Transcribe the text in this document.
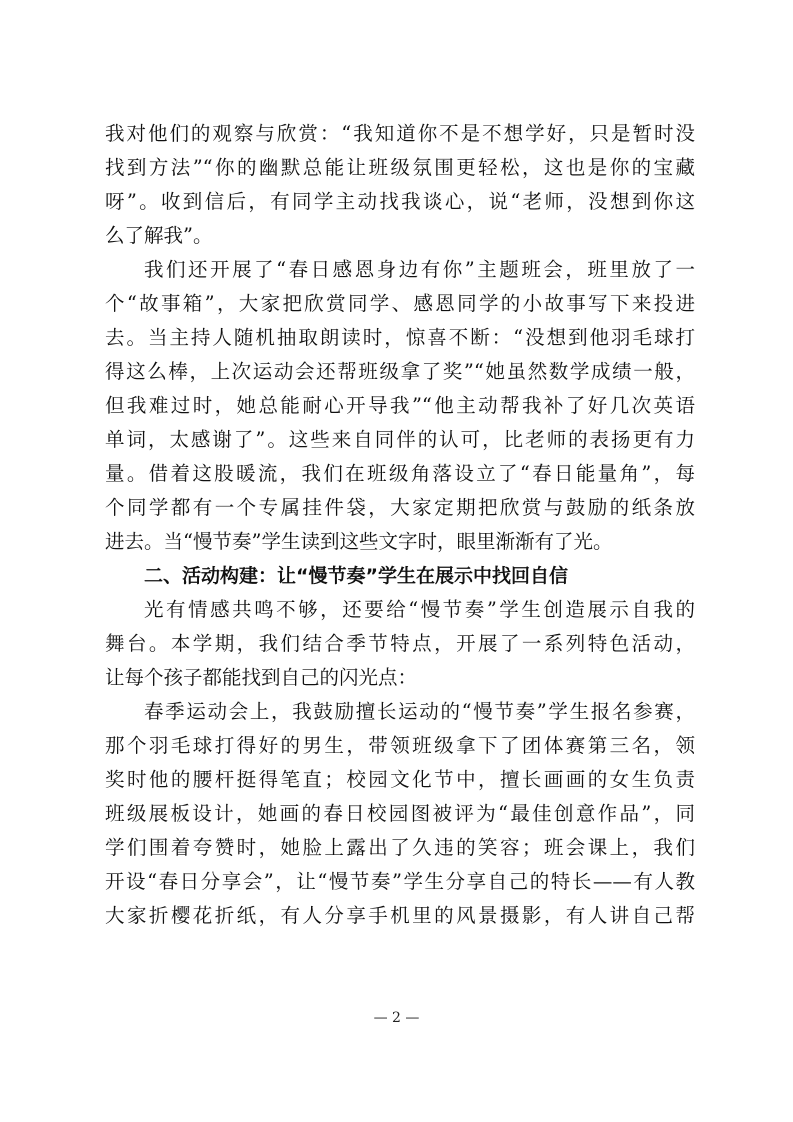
我对他们的观察与欣赏：“我知道你不是不想学好，只是暂时没
找到方法”“你的幽默总能让班级氛围更轻松，这也是你的宝藏
呀”。收到信后，有同学主动找我谈心，说“老师，没想到你这
么了解我”。
我们还开展了“春日感恩身边有你”主题班会，班里放了一
个“故事箱”，大家把欣赏同学、感恩同学的小故事写下来投进
去。当主持人随机抽取朗读时，惊喜不断：“没想到他羽毛球打
得这么棒，上次运动会还帮班级拿了奖”“她虽然数学成绩一般，
但我难过时，她总能耐心开导我”“他主动帮我补了好几次英语
单词，太感谢了”。这些来自同伴的认可，比老师的表扬更有力
量。借着这股暖流，我们在班级角落设立了“春日能量角”，每
个同学都有一个专属挂件袋，大家定期把欣赏与鼓励的纸条放
进去。当“慢节奏”学生读到这些文字时，眼里渐渐有了光。
二、活动构建：让“慢节奏”学生在展示中找回自信
光有情感共鸣不够，还要给“慢节奏”学生创造展示自我的
舞台。本学期，我们结合季节特点，开展了一系列特色活动，
让每个孩子都能找到自己的闪光点：
春季运动会上，我鼓励擅长运动的“慢节奏”学生报名参赛，
那个羽毛球打得好的男生，带领班级拿下了团体赛第三名，领
奖时他的腰杆挺得笔直；校园文化节中，擅长画画的女生负责
班级展板设计，她画的春日校园图被评为“最佳创意作品”，同
学们围着夸赞时，她脸上露出了久违的笑容；班会课上，我们
开设“春日分享会”，让“慢节奏”学生分享自己的特长——有人教
大家折樱花折纸，有人分享手机里的风景摄影，有人讲自己帮
— 2 —
